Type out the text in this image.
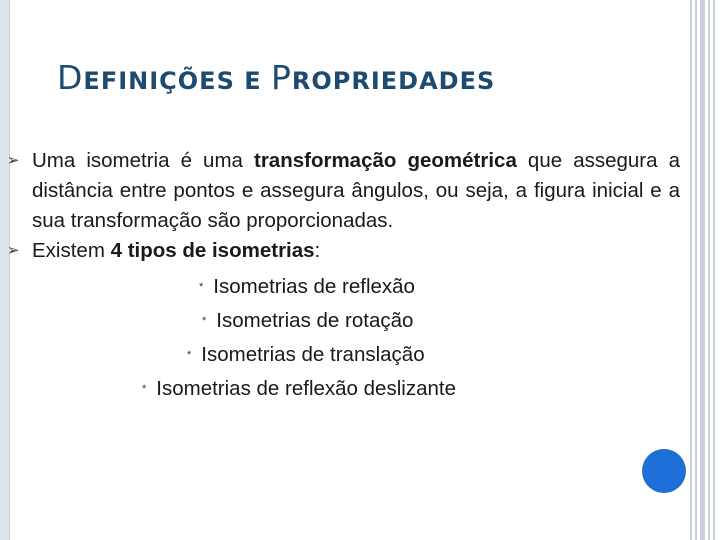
DEFINIÇÕES E PROPRIEDADES
➢ Uma isometria é uma transformação geométrica que assegura a distância entre pontos e assegura ângulos, ou seja, a figura inicial e a sua transformação são proporcionadas.
➢ Existem 4 tipos de isometrias:
* Isometrias de reflexão
* Isometrias de rotação
* Isometrias de translação
* Isometrias de reflexão deslizante
